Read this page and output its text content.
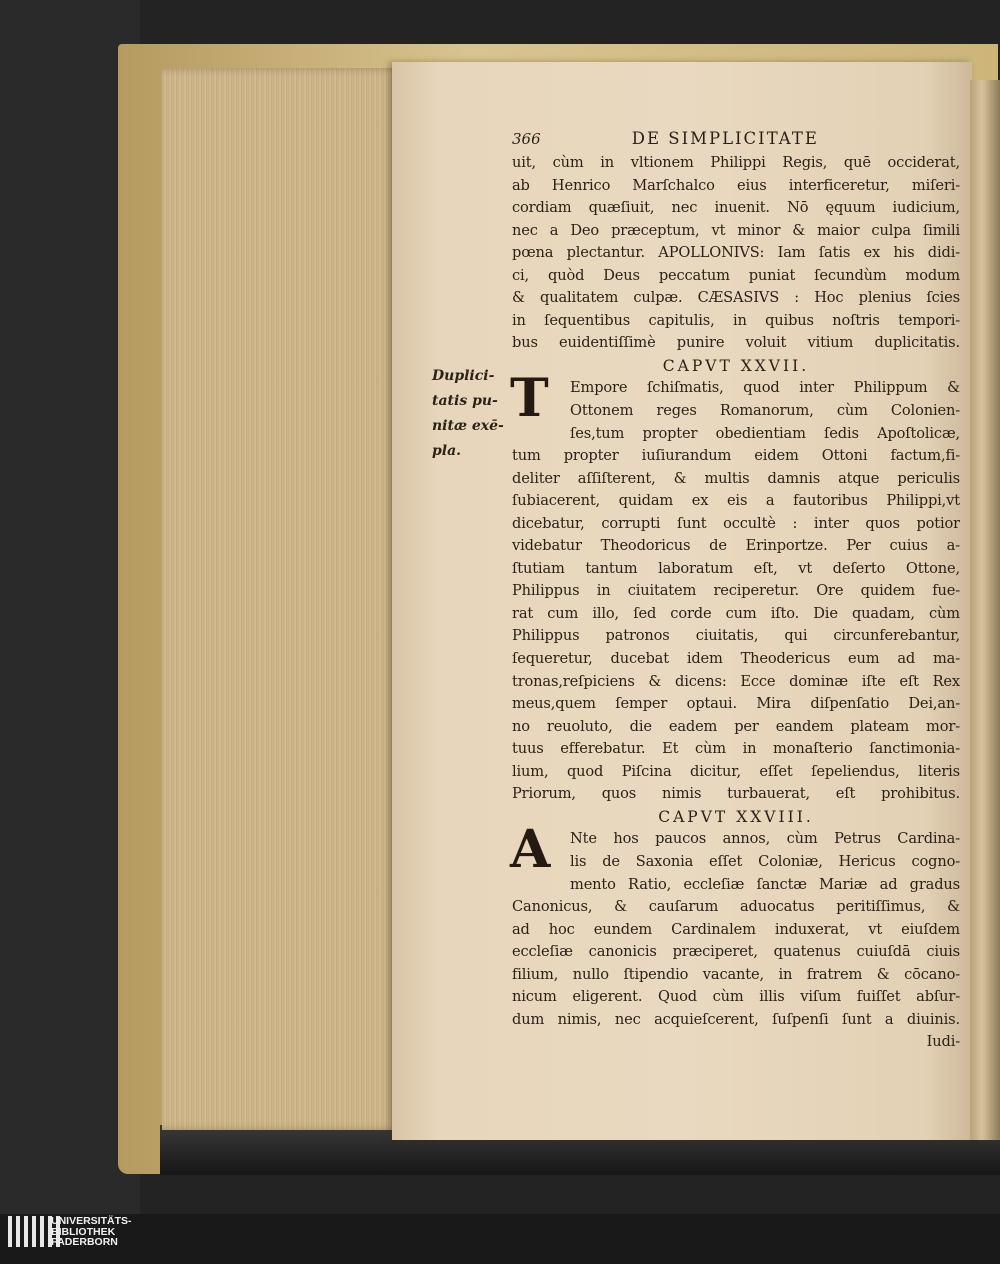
Duplici-
tatis pu-
nitæ exē-
pla.
366	DE SIMPLICITATE
uit, cùm in vltionem Philippi Regis, quē occiderat,
ab Henrico Marſchalco eius interficeretur, miſeri-
cordiam quæſiuit, nec inuenit. Nō ęquum iudicium,
nec a Deo præceptum, vt minor & maior culpa ſimili
pœna plectantur. APOLLONIVS: Iam ſatis ex his didi-
ci, quòd Deus peccatum puniat ſecundùm modum
& qualitatem culpæ. CÆSASIVS : Hoc plenius ſcies
in ſequentibus capitulis, in quibus noſtris tempori-
bus euidentiſſimè punire voluit vitium duplicitatis.
CAPVT XXVII.
T	Empore ſchiſmatis, quod inter Philippum &
Ottonem reges Romanorum, cùm Colonien-
ſes,tum propter obedientiam ſedis Apoſtolicæ,
tum propter iuſiurandum eidem Ottoni factum,fi-
deliter aſſiſterent, & multis damnis atque periculis
ſubiacerent, quidam ex eis a fautoribus Philippi,vt
dicebatur, corrupti ſunt occultè : inter quos potior
videbatur Theodoricus de Erinportze. Per cuius a-
ſtutiam tantum laboratum eſt, vt deſerto Ottone,
Philippus in ciuitatem reciperetur. Ore quidem fue-
rat cum illo, ſed corde cum iſto. Die quadam, cùm
Philippus patronos ciuitatis, qui circunferebantur,
ſequeretur, ducebat idem Theodericus eum ad ma-
tronas,reſpiciens & dicens: Ecce dominæ iſte eſt Rex
meus,quem ſemper optaui. Mira diſpenſatio Dei,an-
no reuoluto, die eadem per eandem plateam mor-
tuus efferebatur. Et cùm in monaſterio ſanctimonia-
lium, quod Piſcina dicitur, eſſet ſepeliendus, literis
Priorum, quos nimis turbauerat, eſt prohibitus.
CAPVT XXVIII.
A	Nte hos paucos annos, cùm Petrus Cardina-
lis de Saxonia eſſet Coloniæ, Hericus cogno-
mento Ratio, eccleſiæ ſanctæ Mariæ ad gradus
Canonicus, & cauſarum aduocatus peritiſſimus, &
ad hoc eundem Cardinalem induxerat, vt eiuſdem
eccleſiæ canonicis præciperet, quatenus cuiuſdā ciuis
filium, nullo ſtipendio vacante, in fratrem & cōcano-
nicum eligerent. Quod cùm illis viſum fuiſſet abſur-
dum nimis, nec acquieſcerent, ſuſpenſi ſunt a diuinis.
Iudi-
UNIVERSITÄTS-
BIBLIOTHEK
PADERBORN
